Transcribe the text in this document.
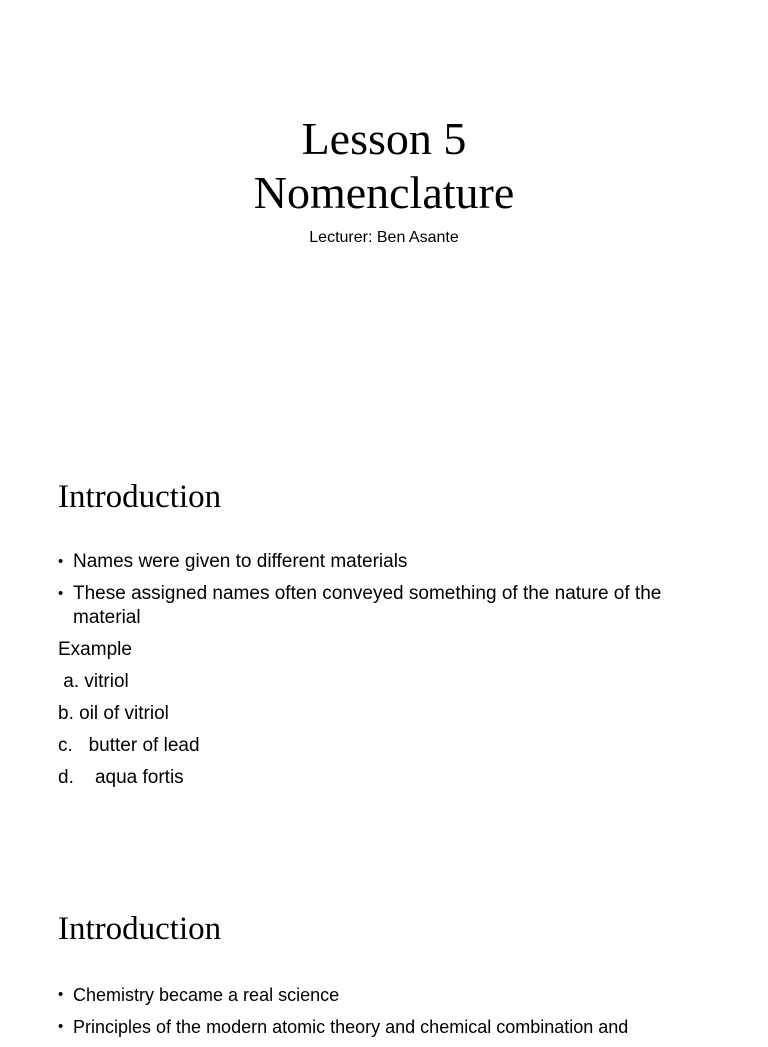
Lesson 5
Nomenclature
Lecturer: Ben Asante
Introduction
• Names were given to different materials
• These assigned names often conveyed something of the nature of the material
Example
a. vitriol
b. oil of vitriol
c.   butter of lead
d.    aqua fortis
Introduction
• Chemistry became a real science
• Principles of the modern atomic theory and chemical combination and
